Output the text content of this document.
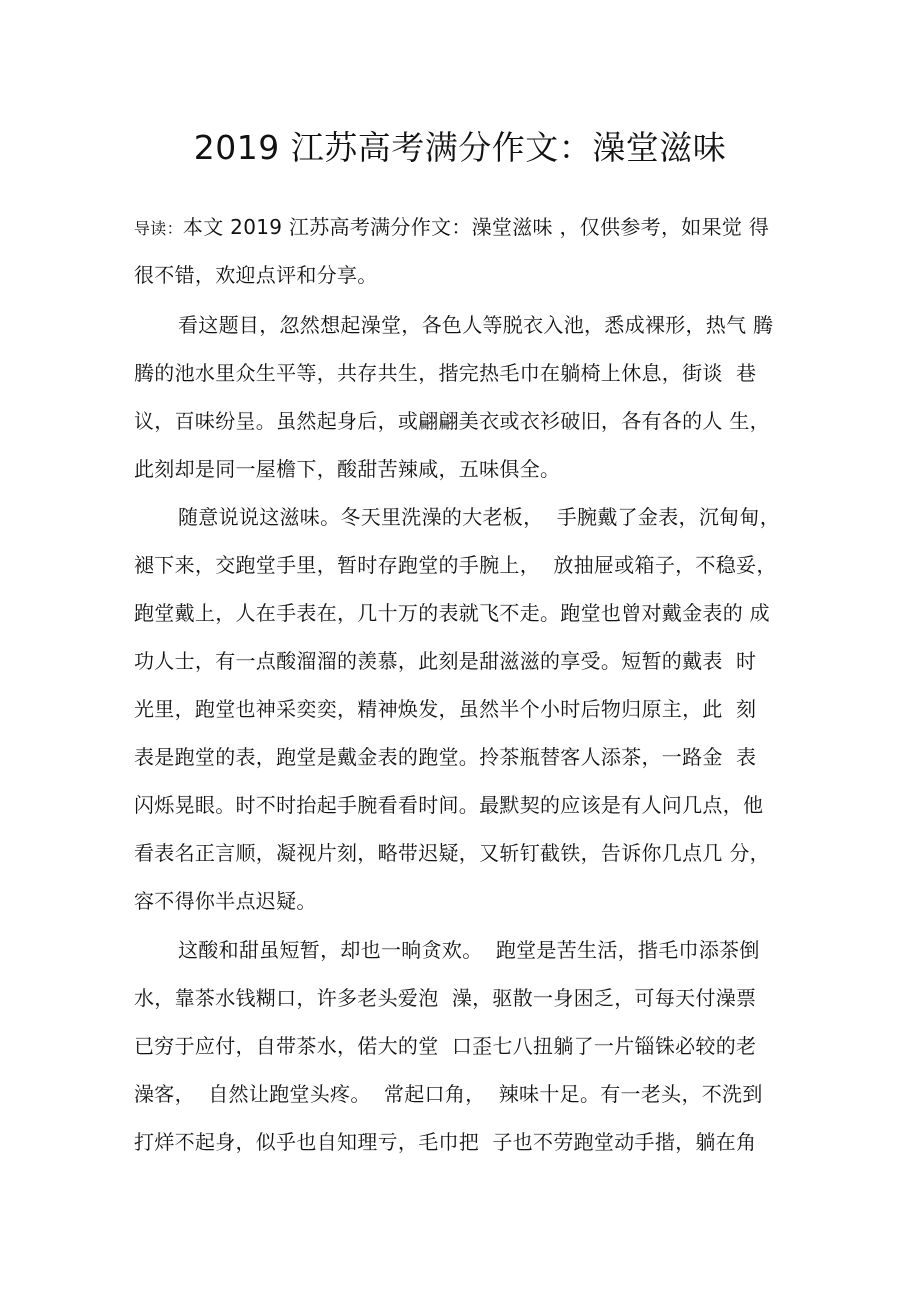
2019 江苏高考满分作文：澡堂滋味
导读：本文 2019 江苏高考满分作文：澡堂滋味 ，仅供参考，如果觉 得
很不错，欢迎点评和分享。
看这题目，忽然想起澡堂，各色人等脱衣入池，悉成裸形，热气 腾
腾的池水里众生平等，共存共生，揩完热毛巾在躺椅上休息，街谈  巷
议，百味纷呈。虽然起身后，或翩翩美衣或衣衫破旧，各有各的人 生，
此刻却是同一屋檐下，酸甜苦辣咸，五味俱全。
随意说说这滋味。冬天里洗澡的大老板，  手腕戴了金表，沉甸甸，
褪下来，交跑堂手里，暂时存跑堂的手腕上，  放抽屉或箱子，不稳妥，
跑堂戴上，人在手表在，几十万的表就飞不走。跑堂也曾对戴金表的 成
功人士，有一点酸溜溜的羡慕，此刻是甜滋滋的享受。短暂的戴表  时
光里，跑堂也神采奕奕，精神焕发，虽然半个小时后物归原主，此  刻
表是跑堂的表，跑堂是戴金表的跑堂。拎茶瓶替客人添茶，一路金  表
闪烁晃眼。时不时抬起手腕看看时间。最默契的应该是有人问几点，他
看表名正言顺，凝视片刻，略带迟疑，又斩钉截铁，告诉你几点几 分，
容不得你半点迟疑。
这酸和甜虽短暂，却也一晌贪欢。  跑堂是苦生活，揩毛巾添茶倒
水，靠茶水钱糊口，许多老头爱泡  澡，驱散一身困乏，可每天付澡票
已穷于应付，自带茶水，偌大的堂  口歪七八扭躺了一片锱铢必较的老
澡客，  自然让跑堂头疼。  常起口角，  辣味十足。有一老头，不洗到
打烊不起身，似乎也自知理亏，毛巾把  子也不劳跑堂动手揩，躺在角
